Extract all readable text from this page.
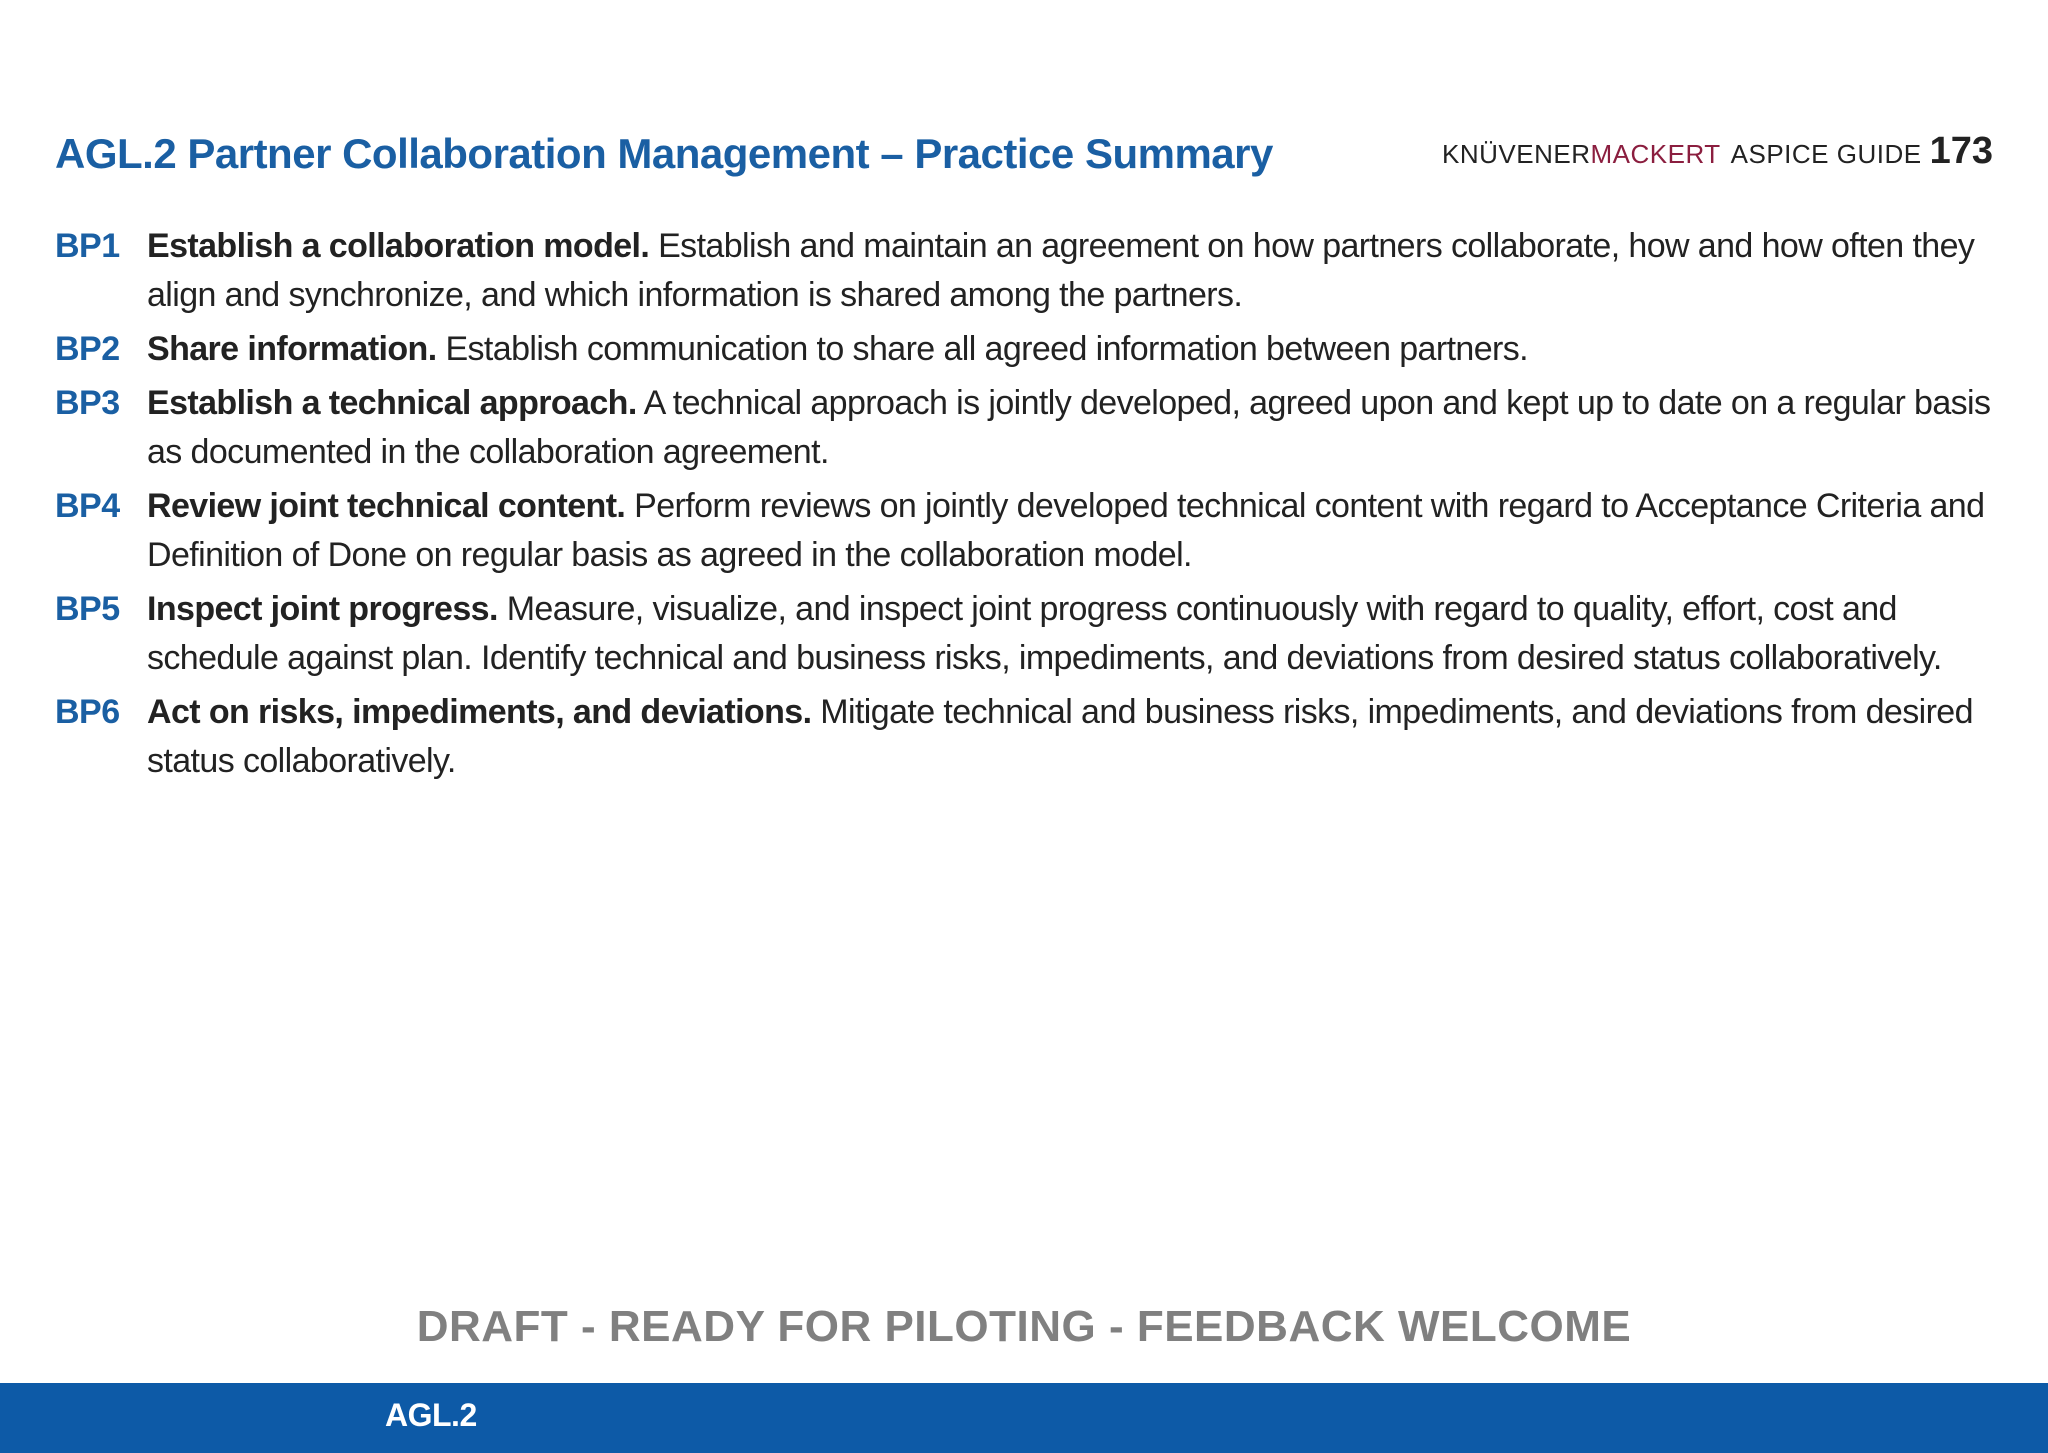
AGL.2 Partner Collaboration Management – Practice Summary	KNÜVENER MACKERT ASPICE GUIDE 173
BP1 Establish a collaboration model. Establish and maintain an agreement on how partners collaborate, how and how often they align and synchronize, and which information is shared among the partners.
BP2 Share information. Establish communication to share all agreed information between partners.
BP3 Establish a technical approach. A technical approach is jointly developed, agreed upon and kept up to date on a regular basis as documented in the collaboration agreement.
BP4 Review joint technical content. Perform reviews on jointly developed technical content with regard to Acceptance Criteria and Definition of Done on regular basis as agreed in the collaboration model.
BP5 Inspect joint progress. Measure, visualize, and inspect joint progress continuously with regard to quality, effort, cost and schedule against plan. Identify technical and business risks, impediments, and deviations from desired status collaboratively.
BP6 Act on risks, impediments, and deviations. Mitigate technical and business risks, impediments, and deviations from desired status collaboratively.
DRAFT - READY FOR PILOTING - FEEDBACK WELCOME
AGL.2
